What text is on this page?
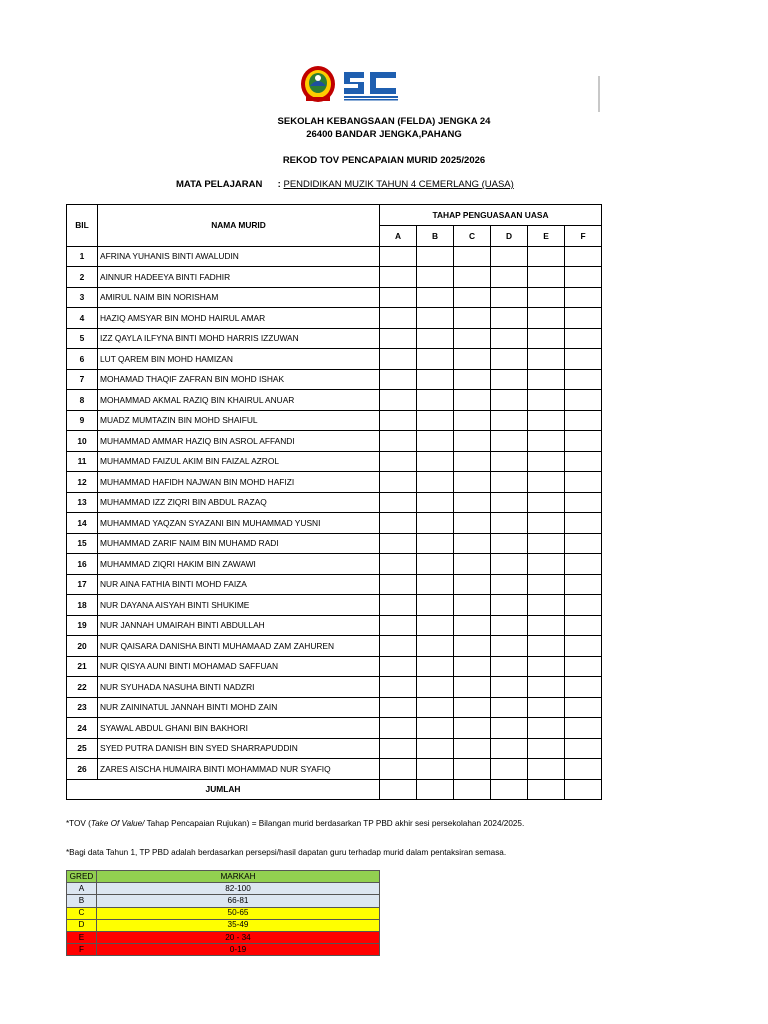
SEKOLAH KEBANGSAAN (FELDA) JENGKA 24
26400 BANDAR JENGKA,PAHANG
REKOD TOV PENCAPAIAN MURID 2025/2026
MATA PELAJARAN : PENDIDIKAN MUZIK TAHUN 4 CEMERLANG (UASA)
BIL	NAMA MURID	TAHAP PENGUASAAN UASA					
		A	B	C	D	E	F
1	AFRINA YUHANIS BINTI AWALUDIN						
2	AINNUR HADEEYA BINTI FADHIR						
3	AMIRUL NAIM BIN NORISHAM						
4	HAZIQ AMSYAR BIN MOHD HAIRUL AMAR						
5	IZZ QAYLA ILFYNA BINTI MOHD HARRIS IZZUWAN						
6	LUT QAREM BIN MOHD HAMIZAN						
7	MOHAMAD THAQIF ZAFRAN BIN MOHD ISHAK						
8	MOHAMMAD AKMAL RAZIQ BIN KHAIRUL ANUAR						
9	MUADZ MUMTAZIN BIN MOHD SHAIFUL						
10	MUHAMMAD AMMAR HAZIQ BIN ASROL AFFANDI						
11	MUHAMMAD FAIZUL AKIM BIN FAIZAL AZROL						
12	MUHAMMAD HAFIDH NAJWAN BIN MOHD HAFIZI						
13	MUHAMMAD IZZ ZIQRI BIN ABDUL RAZAQ						
14	MUHAMMAD YAQZAN SYAZANI BIN MUHAMMAD YUSNI						
15	MUHAMMAD ZARIF NAIM BIN MUHAMD RADI						
16	MUHAMMAD ZIQRI HAKIM BIN ZAWAWI						
17	NUR AINA FATHIA BINTI MOHD FAIZA						
18	NUR DAYANA AISYAH BINTI SHUKIME						
19	NUR JANNAH UMAIRAH BINTI ABDULLAH						
20	NUR QAISARA DANISHA BINTI MUHAMAAD ZAM ZAHUREN						
21	NUR QISYA AUNI BINTI MOHAMAD SAFFUAN						
22	NUR SYUHADA NASUHA BINTI NADZRI						
23	NUR ZAININATUL JANNAH BINTI MOHD ZAIN						
24	SYAWAL ABDUL GHANI BIN BAKHORI						
25	SYED PUTRA DANISH BIN SYED SHARRAPUDDIN						
26	ZARES AISCHA HUMAIRA BINTI MOHAMMAD NUR SYAFIQ						
JUMLAH							
*TOV (Take Of Value/ Tahap Pencapaian Rujukan) = Bilangan murid berdasarkan TP PBD akhir sesi persekolahan 2024/2025.
*Bagi data Tahun 1, TP PBD adalah berdasarkan persepsi/hasil dapatan guru terhadap murid dalam pentaksiran semasa.
GRED	MARKAH
A	82-100
B	66-81
C	50-65
D	35-49
E	20 - 34
F	0-19
